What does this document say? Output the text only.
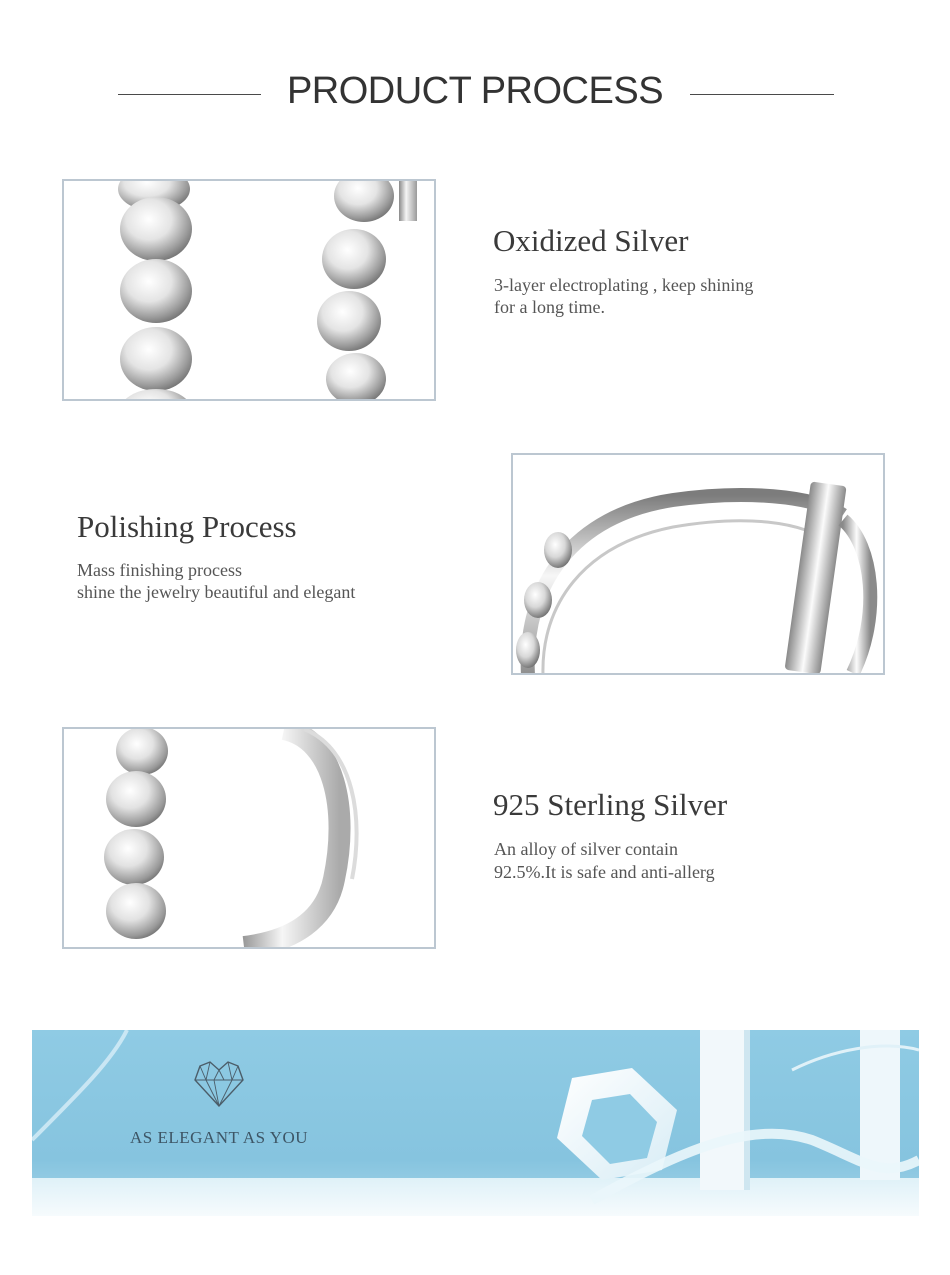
PRODUCT PROCESS
Oxidized Silver
3-layer electroplating , keep shining
for a long time.
Polishing Process
Mass finishing process
shine the jewelry beautiful and elegant
925 Sterling Silver
An alloy of silver contain
92.5%.It is safe and anti-allerg
AS ELEGANT AS YOU
